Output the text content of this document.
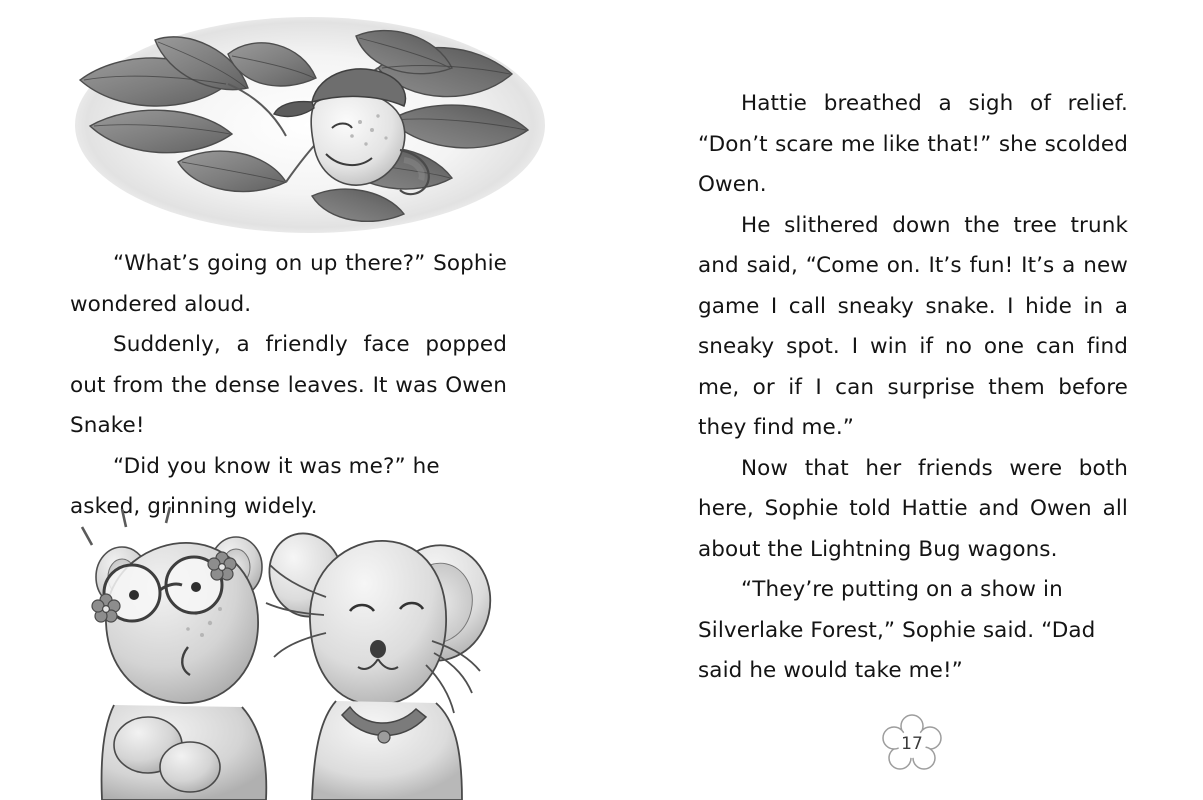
“What’s going on up there?” Sophie wondered aloud.

Suddenly, a friendly face popped out from the dense leaves. It was Owen Snake!

“Did you know it was me?” he asked, grinning widely.

Hattie breathed a sigh of relief. “Don’t scare me like that!” she scolded Owen.

He slithered down the tree trunk and said, “Come on. It’s fun! It’s a new game I call sneaky snake. I hide in a sneaky spot. I win if no one can find me, or if I can surprise them before they find me.”

Now that her friends were both here, Sophie told Hattie and Owen all about the Lightning Bug wagons.

“They’re putting on a show in Silverlake Forest,” Sophie said. “Dad said he would take me!”

17
